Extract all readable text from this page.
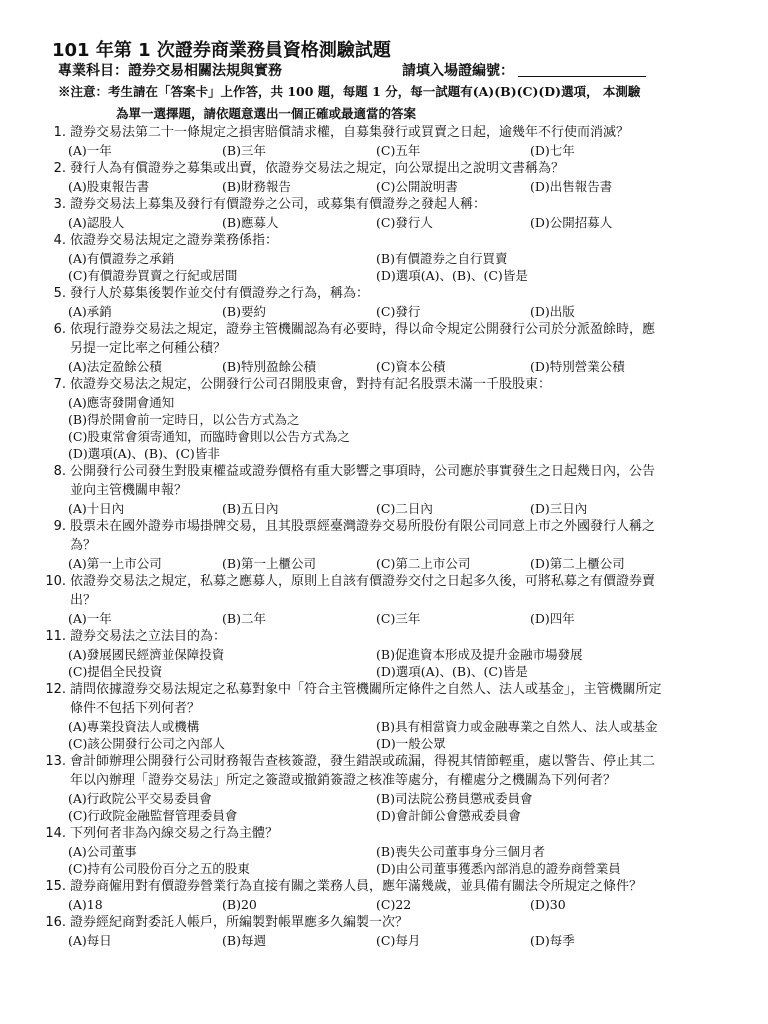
101 年第 1 次證券商業務員資格測驗試題
專業科目：證券交易相關法規與實務	請填入場證編號：
※注意：考生請在「答案卡」上作答，共 100 題，每題 1 分，每一試題有(A)(B)(C)(D)選項， 本測驗
為單一選擇題，請依題意選出一個正確或最適當的答案
1. 證券交易法第二十一條規定之損害賠償請求權，自募集發行或買賣之日起，逾幾年不行使而消滅？
(A)一年	(B)三年	(C)五年	(D)七年
2. 發行人為有償證券之募集或出賣，依證券交易法之規定，向公眾提出之說明文書稱為？
(A)股東報告書	(B)財務報告	(C)公開說明書	(D)出售報告書
3. 證券交易法上募集及發行有價證券之公司，或募集有價證券之發起人稱：
(A)認股人	(B)應募人	(C)發行人	(D)公開招募人
4. 依證券交易法規定之證券業務係指：
(A)有價證券之承銷	(B)有價證券之自行買賣
(C)有價證券買賣之行紀或居間	(D)選項(A)、(B)、(C)皆是
5. 發行人於募集後製作並交付有價證券之行為，稱為：
(A)承銷	(B)要約	(C)發行	(D)出版
6. 依現行證券交易法之規定，證券主管機關認為有必要時，得以命令規定公開發行公司於分派盈餘時，應
另提一定比率之何種公積？
(A)法定盈餘公積	(B)特別盈餘公積	(C)資本公積	(D)特別營業公積
7. 依證券交易法之規定，公開發行公司召開股東會，對持有記名股票未滿一千股股東：
(A)應寄發開會通知
(B)得於開會前一定時日，以公告方式為之
(C)股東常會須寄通知，而臨時會則以公告方式為之
(D)選項(A)、(B)、(C)皆非
8. 公開發行公司發生對股東權益或證券價格有重大影響之事項時，公司應於事實發生之日起幾日內，公告
並向主管機關申報？
(A)十日內	(B)五日內	(C)二日內	(D)三日內
9. 股票未在國外證券市場掛牌交易，且其股票經臺灣證券交易所股份有限公司同意上市之外國發行人稱之
為？
(A)第一上市公司	(B)第一上櫃公司	(C)第二上市公司	(D)第二上櫃公司
10. 依證券交易法之規定，私募之應募人，原則上自該有價證券交付之日起多久後，可將私募之有價證券賣
出？
(A)一年	(B)二年	(C)三年	(D)四年
11. 證券交易法之立法目的為：
(A)發展國民經濟並保障投資	(B)促進資本形成及提升金融市場發展
(C)提倡全民投資	(D)選項(A)、(B)、(C)皆是
12. 請問依據證券交易法規定之私募對象中「符合主管機關所定條件之自然人、法人或基金」，主管機關所定
條件不包括下列何者？
(A)專業投資法人或機構	(B)具有相當資力或金融專業之自然人、法人或基金
(C)該公開發行公司之內部人	(D)一般公眾
13. 會計師辦理公開發行公司財務報告查核簽證，發生錯誤或疏漏，得視其情節輕重，處以警告、停止其二
年以內辦理「證券交易法」所定之簽證或撤銷簽證之核准等處分，有權處分之機關為下列何者？
(A)行政院公平交易委員會	(B)司法院公務員懲戒委員會
(C)行政院金融監督管理委員會	(D)會計師公會懲戒委員會
14. 下列何者非為內線交易之行為主體？
(A)公司董事	(B)喪失公司董事身分三個月者
(C)持有公司股份百分之五的股東	(D)由公司董事獲悉內部消息的證券商營業員
15. 證券商僱用對有價證券營業行為直接有關之業務人員，應年滿幾歲，並具備有關法令所規定之條件？
(A)18	(B)20	(C)22	(D)30
16. 證券經紀商對委託人帳戶，所編製對帳單應多久編製一次？
(A)每日	(B)每週	(C)每月	(D)每季
